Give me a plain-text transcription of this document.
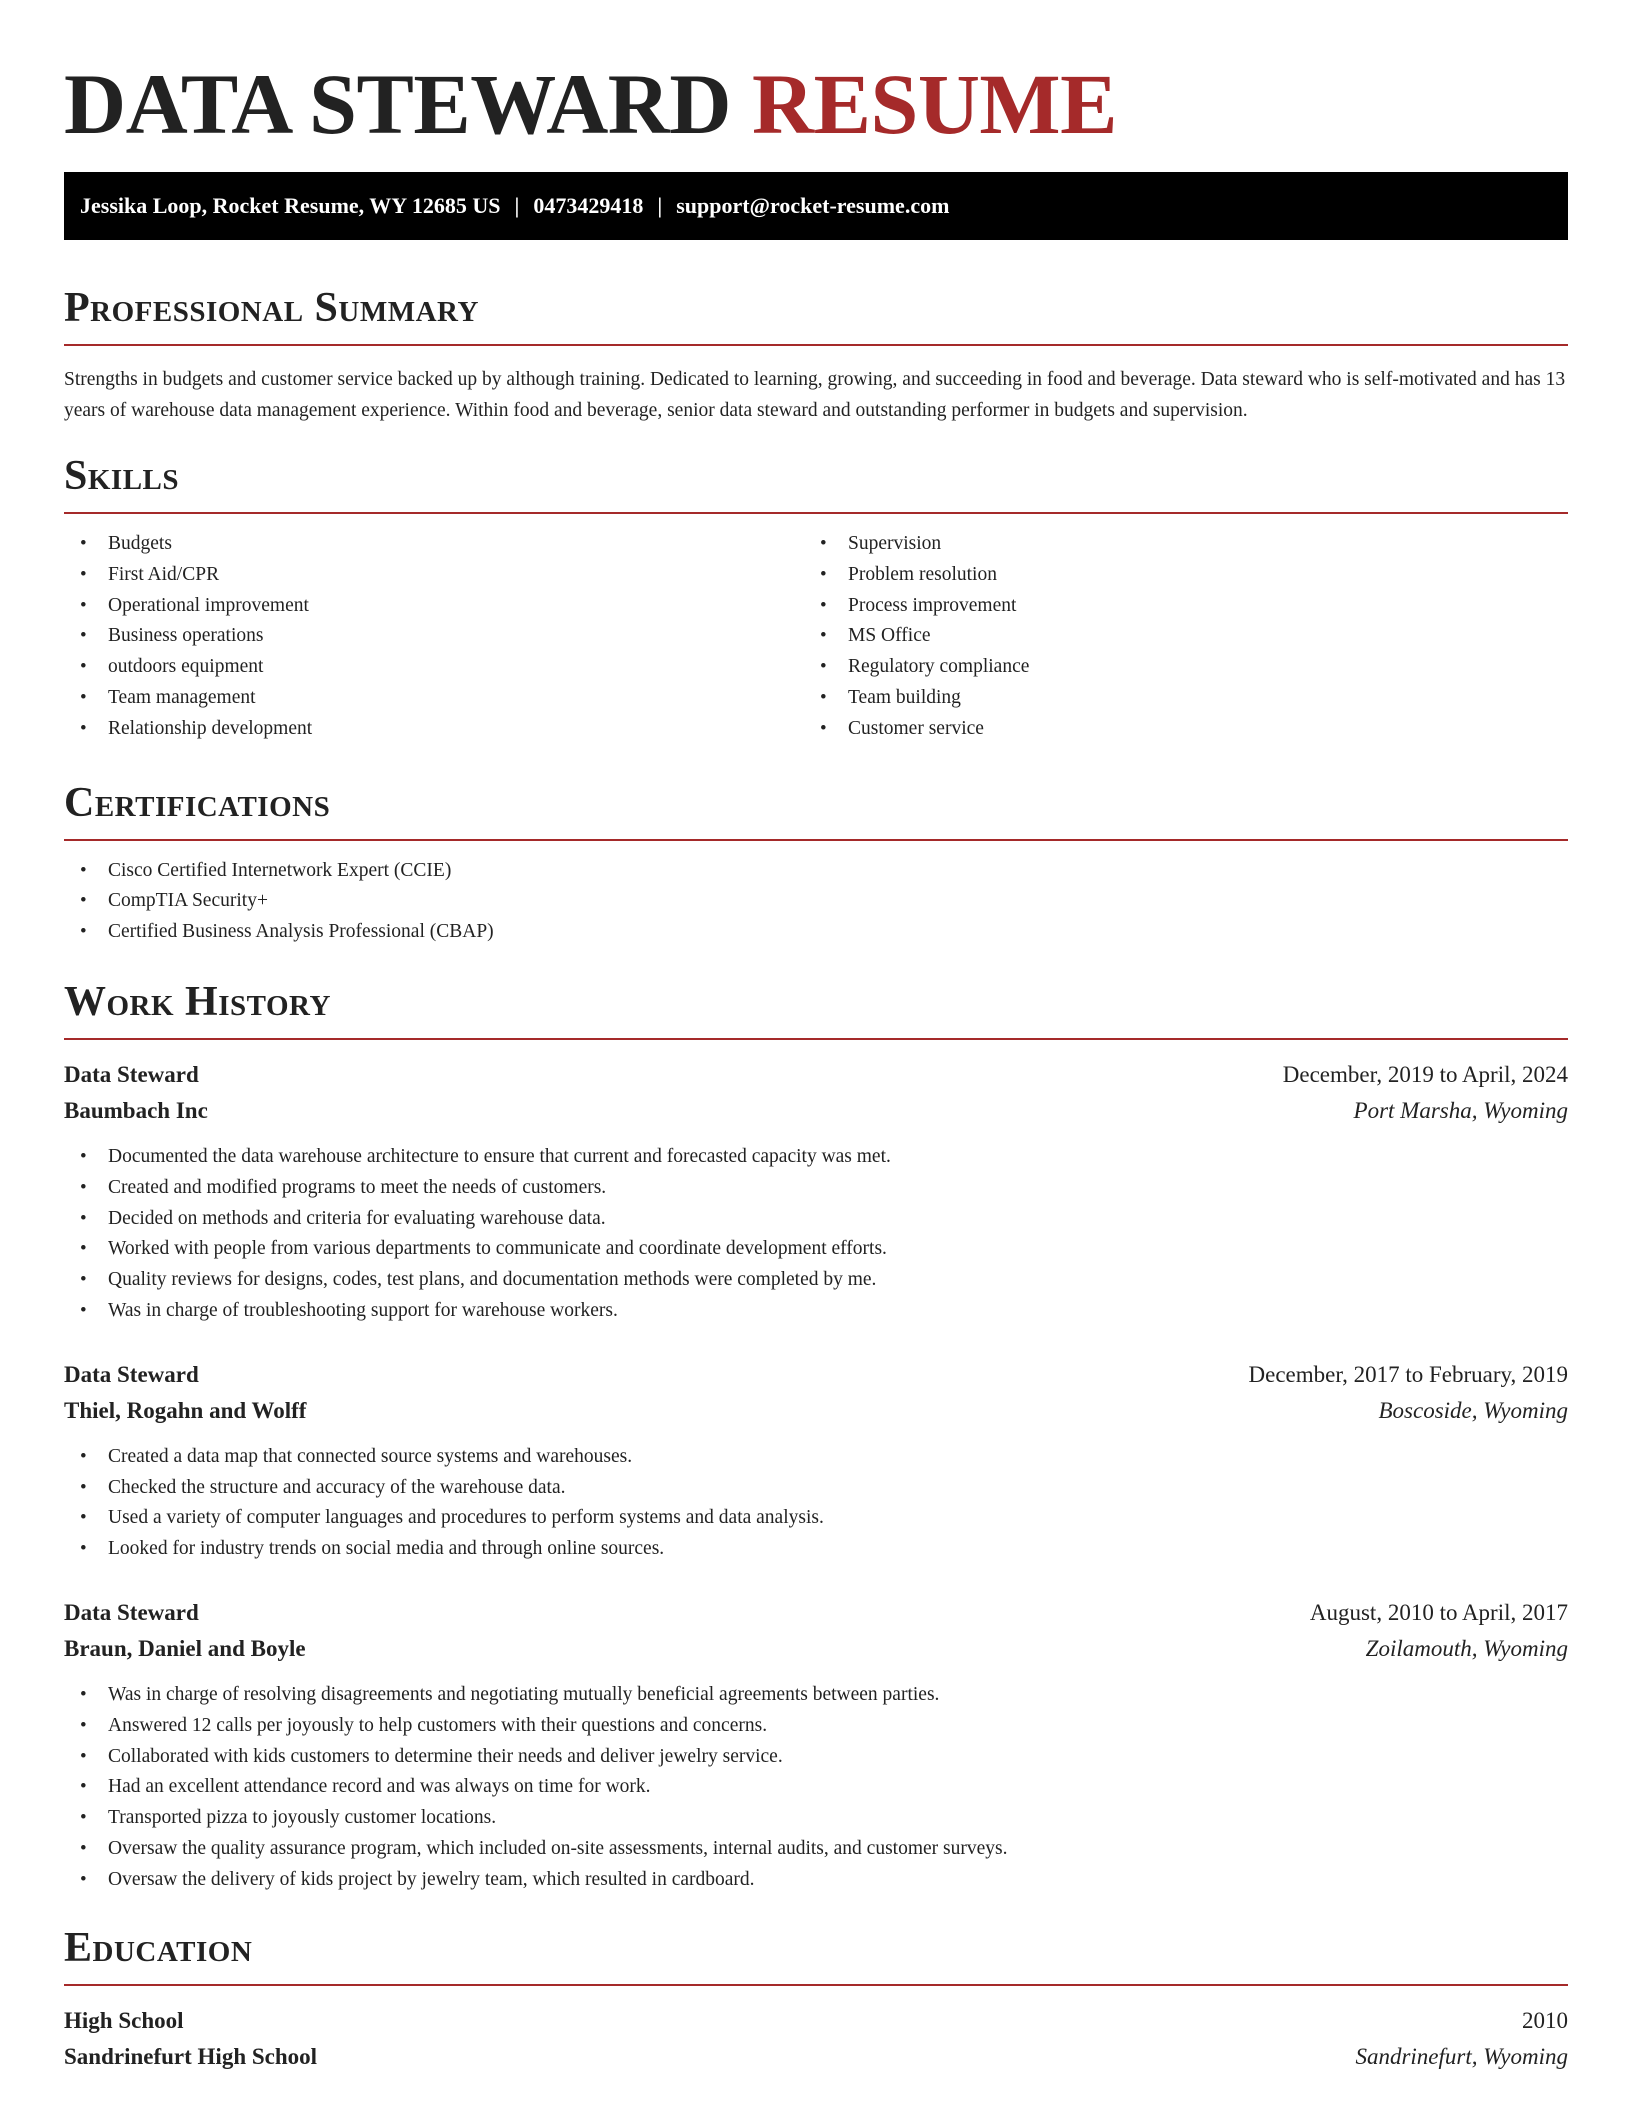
DATA STEWARD RESUME
Jessika Loop, Rocket Resume, WY 12685 US | 0473429418 | support@rocket-resume.com
Professional Summary

Strengths in budgets and customer service backed up by although training. Dedicated to learning, growing, and succeeding in food and beverage. Data steward who is self-motivated and has 13 years of warehouse data management experience. Within food and beverage, senior data steward and outstanding performer in budgets and supervision.

Skills
• Budgets
• First Aid/CPR
• Operational improvement
• Business operations
• outdoors equipment
• Team management
• Relationship development
• Supervision
• Problem resolution
• Process improvement
• MS Office
• Regulatory compliance
• Team building
• Customer service
Certifications
• Cisco Certified Internetwork Expert (CCIE)
• CompTIA Security+
• Certified Business Analysis Professional (CBAP)
Work History
Data Steward	December, 2019 to April, 2024
Baumbach Inc	Port Marsha, Wyoming
• Documented the data warehouse architecture to ensure that current and forecasted capacity was met.
• Created and modified programs to meet the needs of customers.
• Decided on methods and criteria for evaluating warehouse data.
• Worked with people from various departments to communicate and coordinate development efforts.
• Quality reviews for designs, codes, test plans, and documentation methods were completed by me.
• Was in charge of troubleshooting support for warehouse workers.
Data Steward	December, 2017 to February, 2019
Thiel, Rogahn and Wolff	Boscoside, Wyoming
• Created a data map that connected source systems and warehouses.
• Checked the structure and accuracy of the warehouse data.
• Used a variety of computer languages and procedures to perform systems and data analysis.
• Looked for industry trends on social media and through online sources.
Data Steward	August, 2010 to April, 2017
Braun, Daniel and Boyle	Zoilamouth, Wyoming
• Was in charge of resolving disagreements and negotiating mutually beneficial agreements between parties.
• Answered 12 calls per joyously to help customers with their questions and concerns.
• Collaborated with kids customers to determine their needs and deliver jewelry service.
• Had an excellent attendance record and was always on time for work.
• Transported pizza to joyously customer locations.
• Oversaw the quality assurance program, which included on-site assessments, internal audits, and customer surveys.
• Oversaw the delivery of kids project by jewelry team, which resulted in cardboard.
Education
High School	2010
Sandrinefurt High School	Sandrinefurt, Wyoming
